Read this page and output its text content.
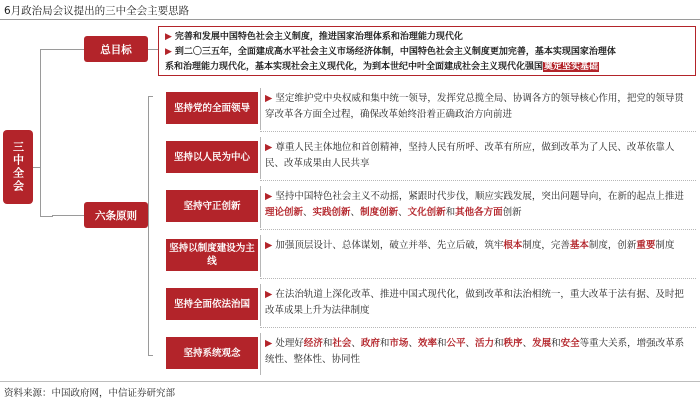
6月政治局会议提出的三中全会主要思路
三中全会
总目标
六条原则
▶ 完善和发展中国特色社会主义制度，推进国家治理体系和治理能力现代化
▶ 到二〇三五年，全面建成高水平社会主义市场经济体制，中国特色社会主义制度更加完善，基本实现国家治理体
系和治理能力现代化，基本实现社会主义现代化，为到本世纪中叶全面建成社会主义现代化强国奠定坚实基础
坚持党的全面领导
▶ 坚定维护党中央权威和集中统一领导，发挥党总揽全局、协调各方的领导核心作用，把党的领导贯穿改革各方面全过程，确保改革始终沿着正确政治方向前进
坚持以人民为中心
▶ 尊重人民主体地位和首创精神，坚持人民有所呼、改革有所应，做到改革为了人民、改革依靠人民、改革成果由人民共享
坚持守正创新
▶ 坚持中国特色社会主义不动摇，紧跟时代步伐，顺应实践发展，突出问题导向，在新的起点上推进理论创新、实践创新、制度创新、文化创新和其他各方面创新
坚持以制度建设为主线
▶ 加强顶层设计、总体谋划，破立并举、先立后破，筑牢根本制度，完善基本制度，创新重要制度
坚持全面依法治国
▶ 在法治轨道上深化改革、推进中国式现代化，做到改革和法治相统一，重大改革于法有据、及时把改革成果上升为法律制度
坚持系统观念
▶ 处理好经济和社会、政府和市场、效率和公平、活力和秩序、发展和安全等重大关系，增强改革系统性、整体性、协同性
资料来源：中国政府网，中信证券研究部
